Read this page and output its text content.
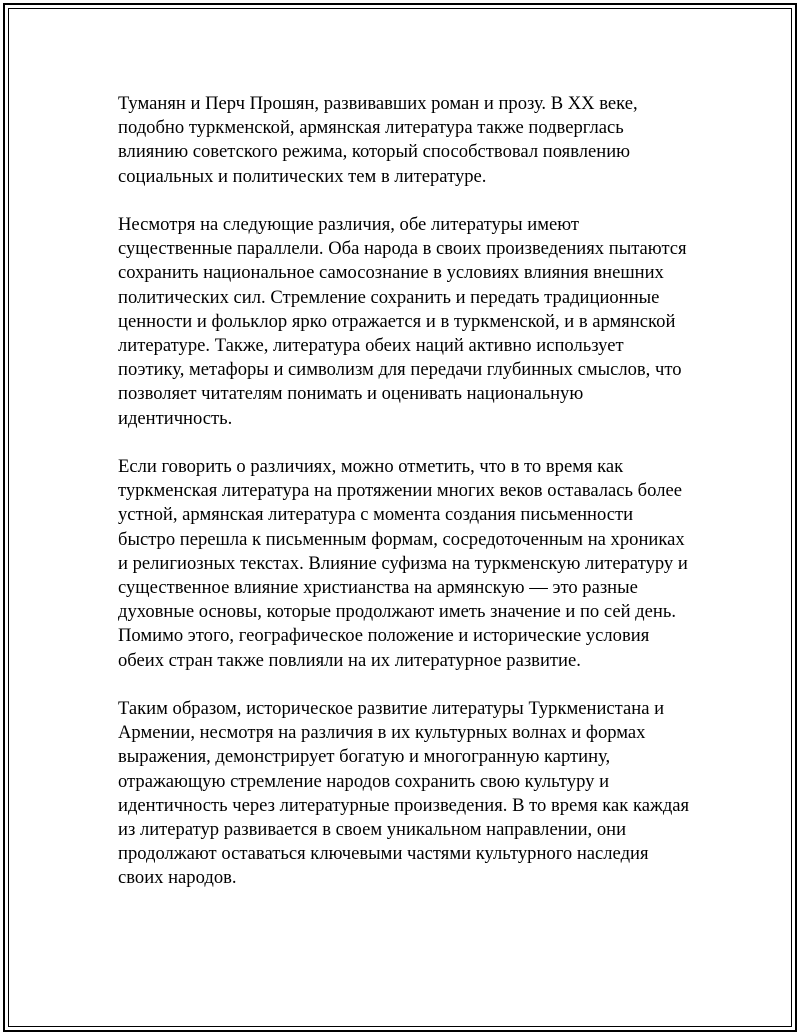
Туманян и Перч Прошян, развивавших роман и прозу. В XX веке,
подобно туркменской, армянская литература также подверглась
влиянию советского режима, который способствовал появлению
социальных и политических тем в литературе.

Несмотря на следующие различия, обе литературы имеют
существенные параллели. Оба народа в своих произведениях пытаются
сохранить национальное самосознание в условиях влияния внешних
политических сил. Стремление сохранить и передать традиционные
ценности и фольклор ярко отражается и в туркменской, и в армянской
литературе. Также, литература обеих наций активно использует
поэтику, метафоры и символизм для передачи глубинных смыслов, что
позволяет читателям понимать и оценивать национальную
идентичность.

Если говорить о различиях, можно отметить, что в то время как
туркменская литература на протяжении многих веков оставалась более
устной, армянская литература с момента создания письменности
быстро перешла к письменным формам, сосредоточенным на хрониках
и религиозных текстах. Влияние суфизма на туркменскую литературу и
существенное влияние христианства на армянскую — это разные
духовные основы, которые продолжают иметь значение и по сей день.
Помимо этого, географическое положение и исторические условия
обеих стран также повлияли на их литературное развитие.

Таким образом, историческое развитие литературы Туркменистана и
Армении, несмотря на различия в их культурных волнах и формах
выражения, демонстрирует богатую и многогранную картину,
отражающую стремление народов сохранить свою культуру и
идентичность через литературные произведения. В то время как каждая
из литератур развивается в своем уникальном направлении, они
продолжают оставаться ключевыми частями культурного наследия
своих народов.
